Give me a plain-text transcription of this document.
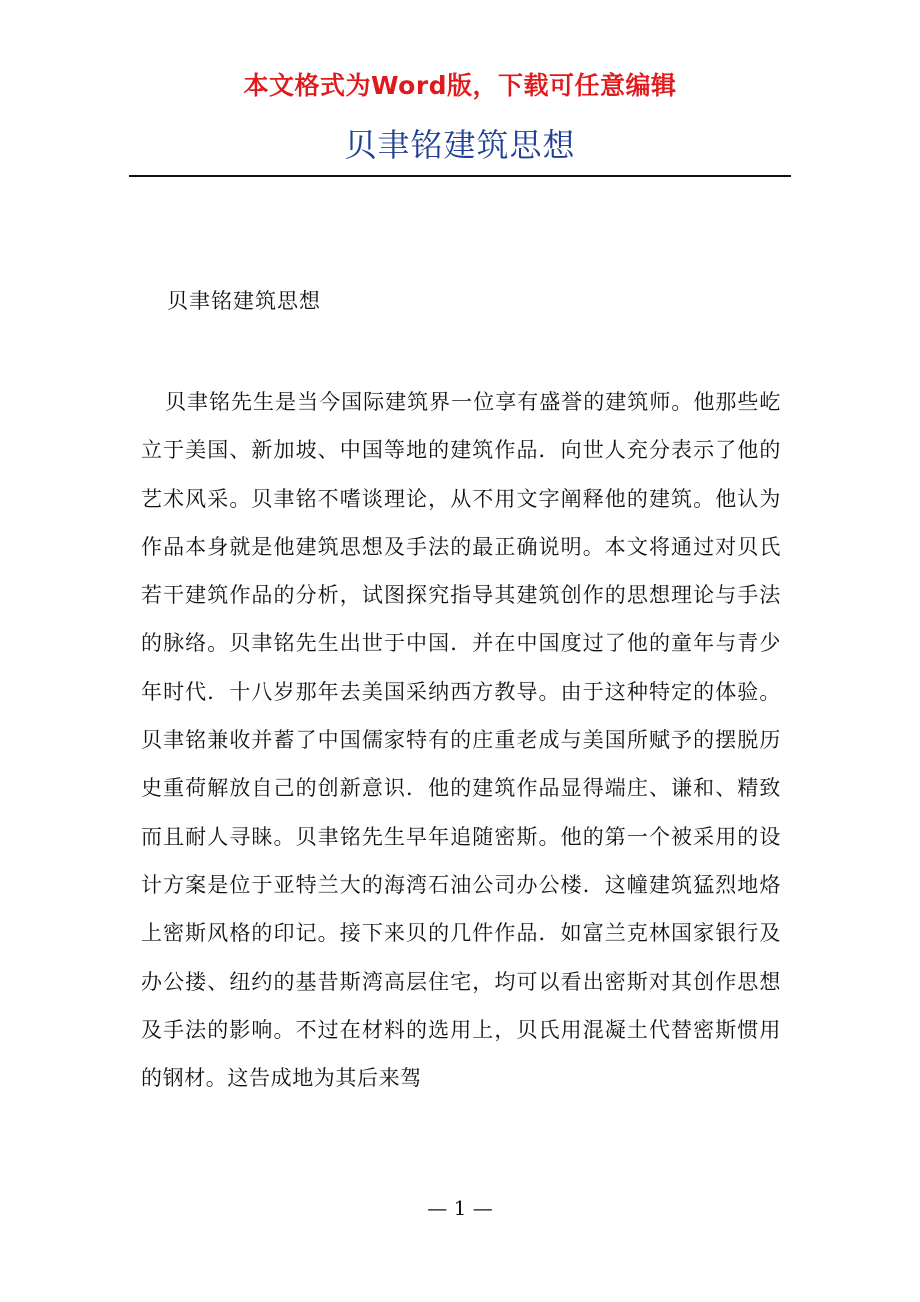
本文格式为Word版，下载可任意编辑
贝聿铭建筑思想
贝聿铭建筑思想
贝聿铭先生是当今国际建筑界一位享有盛誉的建筑师。他那些屹立于美国、新加坡、中国等地的建筑作品．向世人充分表示了他的艺术风采。贝聿铭不嗜谈理论，从不用文字阐释他的建筑。他认为作品本身就是他建筑思想及手法的最正确说明。本文将通过对贝氏若干建筑作品的分析，试图探究指导其建筑创作的思想理论与手法的脉络。贝聿铭先生出世于中国．并在中国度过了他的童年与青少年时代．十八岁那年去美国采纳西方教导。由于这种特定的体验。贝聿铭兼收并蓄了中国儒家特有的庄重老成与美国所赋予的摆脱历史重荷解放自己的创新意识．他的建筑作品显得端庄、谦和、精致而且耐人寻睐。贝聿铭先生早年追随密斯。他的第一个被采用的设计方案是位于亚特兰大的海湾石油公司办公楼．这幢建筑猛烈地烙上密斯风格的印记。接下来贝的几件作品．如富兰克林国家银行及办公搂、纽约的基昔斯湾高层住宅，均可以看出密斯对其创作思想及手法的影响。不过在材料的选用上，贝氏用混凝土代替密斯惯用的钢材。这告成地为其后来驾
— 1 —
